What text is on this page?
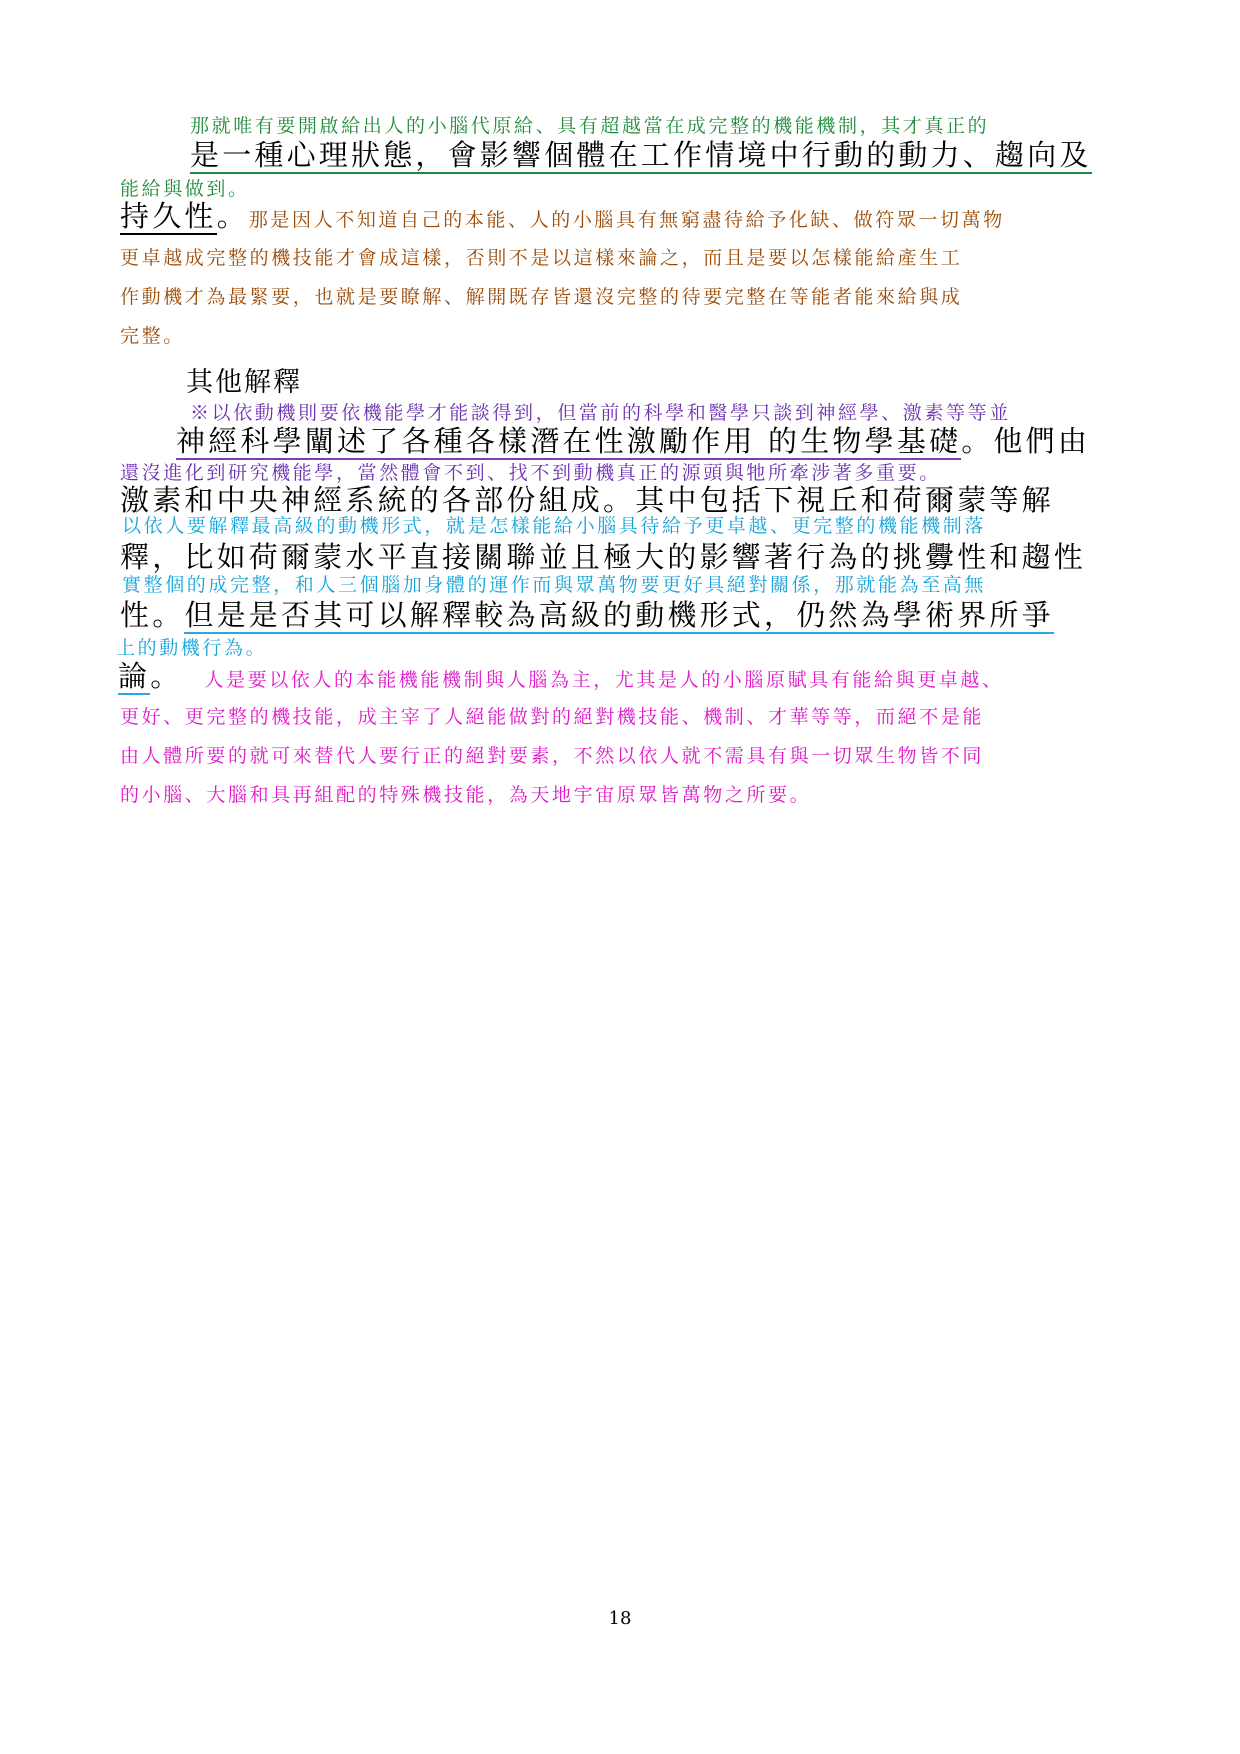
那就唯有要開啟給出人的小腦代原給、具有超越當在成完整的機能機制，其才真正的
是一種心理狀態，會影響個體在工作情境中行動的動力、趨向及
能給與做到。
持久性。那是因人不知道自己的本能、人的小腦具有無窮盡待給予化缺、做符眾一切萬物
更卓越成完整的機技能才會成這樣，否則不是以這樣來論之，而且是要以怎樣能給產生工
作動機才為最緊要，也就是要瞭解、解開既存皆還沒完整的待要完整在等能者能來給與成
完整。
其他解釋
※以依動機則要依機能學才能談得到，但當前的科學和醫學只談到神經學、激素等等並
神經科學闡述了各種各樣潛在性激勵作用 的生物學基礎。他們由
還沒進化到研究機能學，當然體會不到、找不到動機真正的源頭與牠所牽涉著多重要。
激素和中央神經系統的各部份組成。其中包括下視丘和荷爾蒙等解
以依人要解釋最高級的動機形式，就是怎樣能給小腦具待給予更卓越、更完整的機能機制落
釋，比如荷爾蒙水平直接關聯並且極大的影響著行為的挑釁性和趨性
實整個的成完整，和人三個腦加身體的運作而與眾萬物要更好具絕對關係，那就能為至高無
性。但是是否其可以解釋較為高級的動機形式，仍然為學術界所爭
上的動機行為。
論。 人是要以依人的本能機能機制與人腦為主，尤其是人的小腦原賦具有能給與更卓越、
更好、更完整的機技能，成主宰了人絕能做對的絕對機技能、機制、才華等等，而絕不是能
由人體所要的就可來替代人要行正的絕對要素，不然以依人就不需具有與一切眾生物皆不同
的小腦、大腦和具再組配的特殊機技能，為天地宇宙原眾皆萬物之所要。
18
